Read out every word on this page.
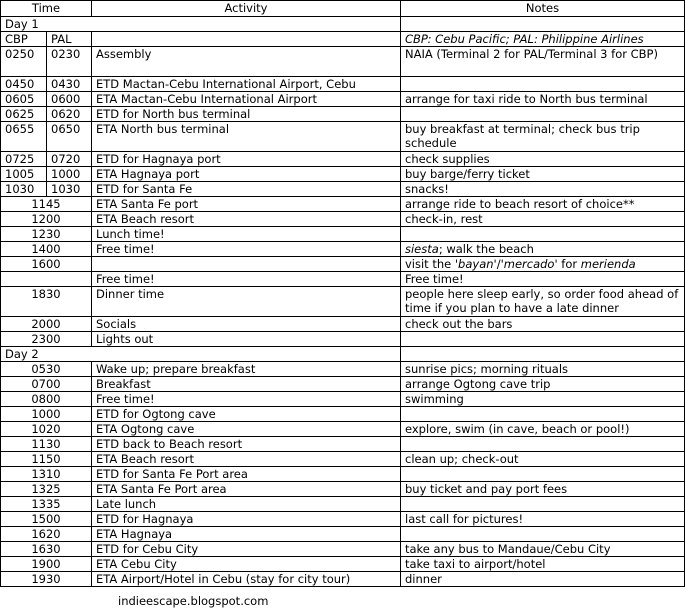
Time		Activity	Notes
Day 1			
CBP	PAL		CBP: Cebu Pacific; PAL: Philippine Airlines
0250	0230	Assembly	NAIA (Terminal 2 for PAL/Terminal 3 for CBP)
0450	0430	ETD Mactan-Cebu International Airport, Cebu	
0605	0600	ETA Mactan-Cebu International Airport	arrange for taxi ride to North bus terminal
0625	0620	ETD for North bus terminal	
0655	0650	ETA North bus terminal	buy breakfast at terminal; check bus trip schedule
0725	0720	ETD for Hagnaya port	check supplies
1005	1000	ETA Hagnaya port	buy barge/ferry ticket
1030	1030	ETD for Santa Fe	snacks!
1145		ETA Santa Fe port	arrange ride to beach resort of choice**
1200		ETA Beach resort	check-in, rest
1230		Lunch time!	
1400		Free time!	siesta; walk the beach
1600			visit the 'bayan'/'mercado' for merienda
		Free time!	Free time!
1830		Dinner time	people here sleep early, so order food ahead of time if you plan to have a late dinner
2000		Socials	check out the bars
2300		Lights out	
Day 2			
0530		Wake up; prepare breakfast	sunrise pics; morning rituals
0700		Breakfast	arrange Ogtong cave trip
0800		Free time!	swimming
1000		ETD for Ogtong cave	
1020		ETA Ogtong cave	explore, swim (in cave, beach or pool!)
1130		ETD back to Beach resort	
1150		ETA Beach resort	clean up; check-out
1310		ETD for Santa Fe Port area	
1325		ETA Santa Fe Port area	buy ticket and pay port fees
1335		Late lunch	
1500		ETD for Hagnaya	last call for pictures!
1620		ETA Hagnaya	
1630		ETD for Cebu City	take any bus to Mandaue/Cebu City
1900		ETA Cebu City	take taxi to airport/hotel
1930		ETA Airport/Hotel in Cebu (stay for city tour)	dinner
indieescape.blogspot.com
